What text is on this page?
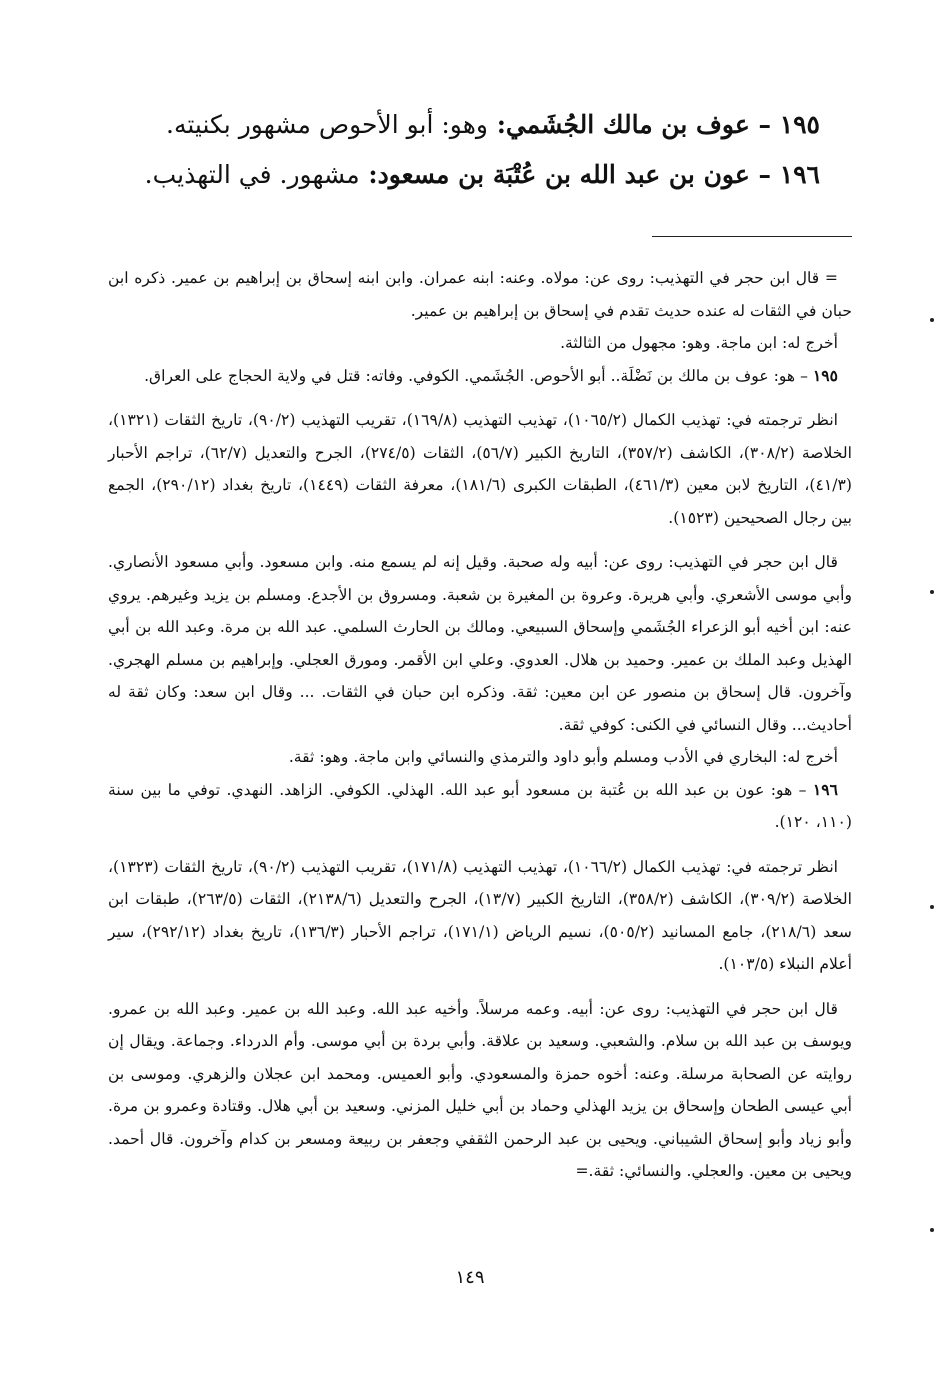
١٩٥ – عوف بن مالك الجُشَمي: وهو: أبو الأحوص مشهور بكنيته.
١٩٦ – عون بن عبد الله بن عُتْبَة بن مسعود: مشهور. في التهذيب.

= قال ابن حجر في التهذيب: روى عن: مولاه. وعنه: ابنه عمران. وابن ابنه إسحاق بن إبراهيم بن عمير. ذكره ابن حبان في الثقات له عنده حديث تقدم في إسحاق بن إبراهيم بن عمير.

أخرج له: ابن ماجة. وهو: مجهول من الثالثة.

١٩٥ – هو: عوف بن مالك بن نَضْلَة.. أبو الأحوص. الجُشَمي. الكوفي. وفاته: قتل في ولاية الحجاج على العراق.

انظر ترجمته في: تهذيب الكمال (١٠٦٥/٢)، تهذيب التهذيب (١٦٩/٨)، تقريب التهذيب (٩٠/٢)، تاريخ الثقات (١٣٢١)، الخلاصة (٣٠٨/٢)، الكاشف (٣٥٧/٢)، التاريخ الكبير (٥٦/٧)، الثقات (٢٧٤/٥)، الجرح والتعديل (٦٢/٧)، تراجم الأحبار (٤١/٣)، التاريخ لابن معين (٤٦١/٣)، الطبقات الكبرى (١٨١/٦)، معرفة الثقات (١٤٤٩)، تاريخ بغداد (٢٩٠/١٢)، الجمع بين رجال الصحيحين (١٥٢٣).

قال ابن حجر في التهذيب: روى عن: أبيه وله صحبة. وقيل إنه لم يسمع منه. وابن مسعود. وأبي مسعود الأنصاري. وأبي موسى الأشعري. وأبي هريرة. وعروة بن المغيرة بن شعبة. ومسروق بن الأجدع. ومسلم بن يزيد وغيرهم. يروي عنه: ابن أخيه أبو الزعراء الجُشَمي وإسحاق السبيعي. ومالك بن الحارث السلمي. عبد الله بن مرة. وعبد الله بن أبي الهذيل وعبد الملك بن عمير. وحميد بن هلال. العدوي. وعلي ابن الأقمر. ومورق العجلي. وإبراهيم بن مسلم الهجري. وآخرون. قال إسحاق بن منصور عن ابن معين: ثقة. وذكره ابن حبان في الثقات. ... وقال ابن سعد: وكان ثقة له أحاديث... وقال النسائي في الكنى: كوفي ثقة.

أخرج له: البخاري في الأدب ومسلم وأبو داود والترمذي والنسائي وابن ماجة. وهو: ثقة.

١٩٦ – هو: عون بن عبد الله بن عُتبة بن مسعود أبو عبد الله. الهذلي. الكوفي. الزاهد. النهدي. توفي ما بين سنة (١١٠، ١٢٠).

انظر ترجمته في: تهذيب الكمال (١٠٦٦/٢)، تهذيب التهذيب (١٧١/٨)، تقريب التهذيب (٩٠/٢)، تاريخ الثقات (١٣٢٣)، الخلاصة (٣٠٩/٢)، الكاشف (٣٥٨/٢)، التاريخ الكبير (١٣/٧)، الجرح والتعديل (٢١٣٨/٦)، الثقات (٢٦٣/٥)، طبقات ابن سعد (٢١٨/٦)، جامع المسانيد (٥٠٥/٢)، نسيم الرياض (١٧١/١)، تراجم الأحبار (١٣٦/٣)، تاريخ بغداد (٢٩٢/١٢)، سير أعلام النبلاء (١٠٣/٥).

قال ابن حجر في التهذيب: روى عن: أبيه. وعمه مرسلاً. وأخيه عبد الله. وعبد الله بن عمير. وعبد الله بن عمرو. ويوسف بن عبد الله بن سلام. والشعبي. وسعيد بن علاقة. وأبي بردة بن أبي موسى. وأم الدرداء. وجماعة. ويقال إن روايته عن الصحابة مرسلة. وعنه: أخوه حمزة والمسعودي. وأبو العميس. ومحمد ابن عجلان والزهري. وموسى بن أبي عيسى الطحان وإسحاق بن يزيد الهذلي وحماد بن أبي خليل المزني. وسعيد بن أبي هلال. وقتادة وعمرو بن مرة. وأبو زياد وأبو إسحاق الشيباني. ويحيى بن عبد الرحمن الثقفي وجعفر بن ربيعة ومسعر بن كدام وآخرون. قال أحمد. ويحيى بن معين. والعجلي. والنسائي: ثقة.=

١٤٩
